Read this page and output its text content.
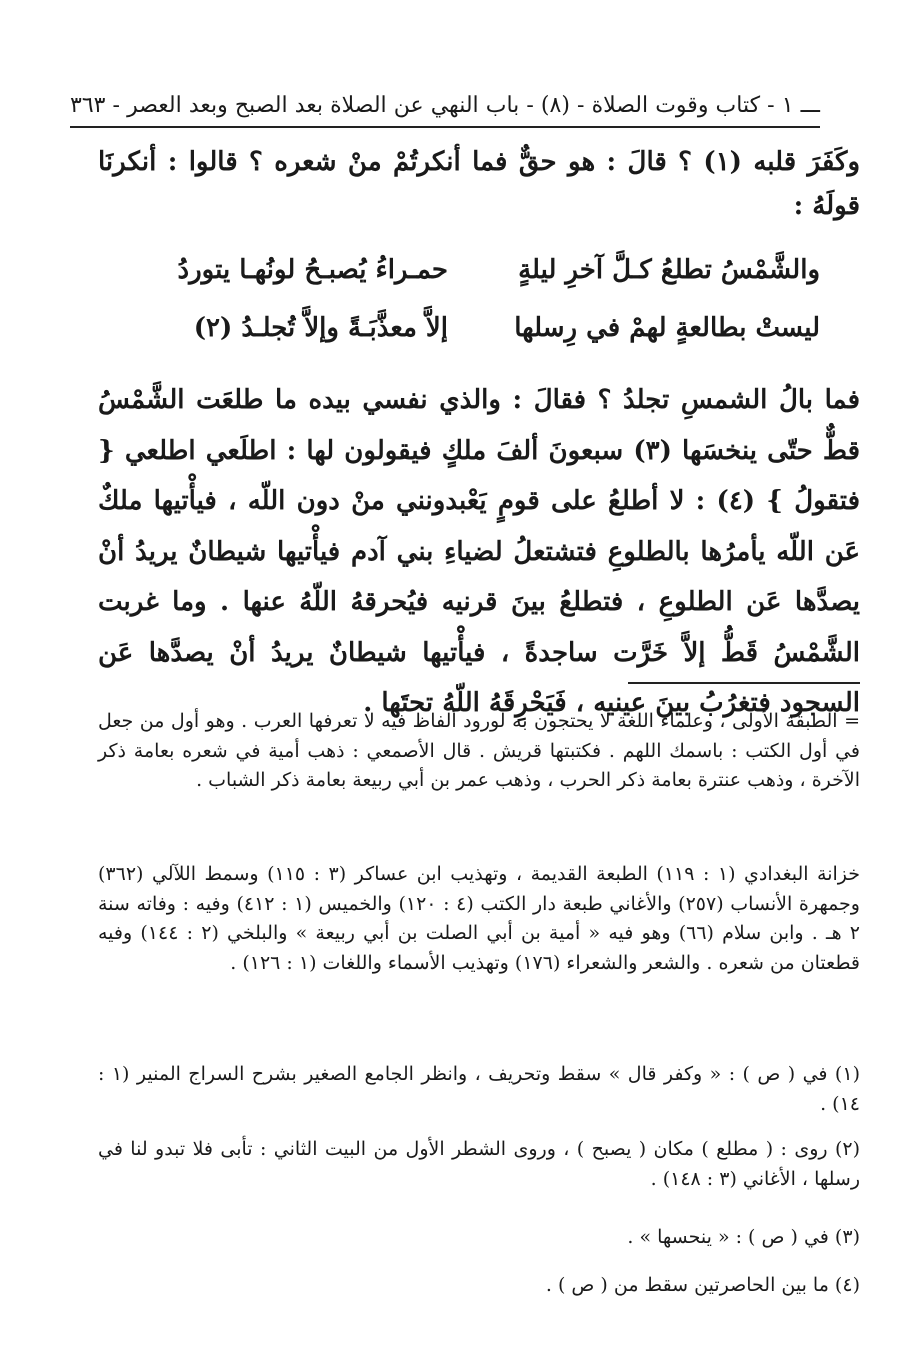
ـــ ١ - كتاب وقوت الصلاة - (٨) - باب النهي عن الصلاة بعد الصبح وبعد العصر - ٣٦٣
وكَفَرَ قلبه (١) ؟ قالَ : هو حقٌّ فما أنكرتُمْ منْ شعره ؟ قالوا : أنكرنَا قولَهُ :
والشَّمْسُ تطلعُ كـلَّ آخرِ ليلةٍ
حمـراءُ يُصبـحُ لونُهـا يتوردُ
ليستْ بطالعةٍ لهمْ في رِسلها
إلاَّ معذَّبَـةً وإلاَّ تُجلـدُ (٢)
فما بالُ الشمسِ تجلدُ ؟ فقالَ : والذي نفسي بيده ما طلعَت الشَّمْسُ قطٌّ حتّى ينخسَها (٣) سبعونَ ألفَ ملكٍ فيقولون لها : اطلَعي اطلعي { فتقولُ } (٤) : لا أطلعُ على قومٍ يَعْبدونني منْ دون اللّه ، فيأْتيها ملكٌ عَن اللّه يأمرُها بالطلوعِ فتشتعلُ لضياءِ بني آدم فيأْتيها شيطانٌ يريدُ أنْ يصدَّها عَن الطلوعِ ، فتطلعُ بينَ قرنيه فيُحرقهُ اللّهُ عنها . وما غربت الشَّمْسُ قَطُّ إلاَّ خَرَّت ساجدةً ، فيأْتيها شيطانٌ يريدُ أنْ يصدَّها عَن السجود فتغرُبُ بينَ عينيه ، فَيَحْرِقَهُ اللّهُ تحتَها .
= الطبقة الأولى ، وعلماء اللغة لا يحتجون به لورود ألفاظ فيه لا تعرفها العرب . وهو أول من جعل في أول الكتب : باسمك اللهم . فكتبتها قريش . قال الأصمعي : ذهب أمية في شعره بعامة ذكر الآخرة ، وذهب عنترة بعامة ذكر الحرب ، وذهب عمر بن أبي ربيعة بعامة ذكر الشباب .
خزانة البغدادي (١ : ١١٩) الطبعة القديمة ، وتهذيب ابن عساكر (٣ : ١١٥) وسمط اللآلي (٣٦٢) وجمهرة الأنساب (٢٥٧) والأغاني طبعة دار الكتب (٤ : ١٢٠) والخميس (١ : ٤١٢) وفيه : وفاته سنة ٢ هـ . وابن سلام (٦٦) وهو فيه « أمية بن أبي الصلت بن أبي ربيعة » والبلخي (٢ : ١٤٤) وفيه قطعتان من شعره . والشعر والشعراء (١٧٦) وتهذيب الأسماء واللغات (١ : ١٢٦) .
(١) في ( ص ) : « وكفر قال » سقط وتحريف ، وانظر الجامع الصغير بشرح السراج المنير (١ : ١٤) .
(٢) روى : ( مطلع ) مكان ( يصبح ) ، وروى الشطر الأول من البيت الثاني : تأبى فلا تبدو لنا في رسلها ، الأغاني (٣ : ١٤٨) .
(٣) في ( ص ) : « ينحسها » .
(٤) ما بين الحاصرتين سقط من ( ص ) .
